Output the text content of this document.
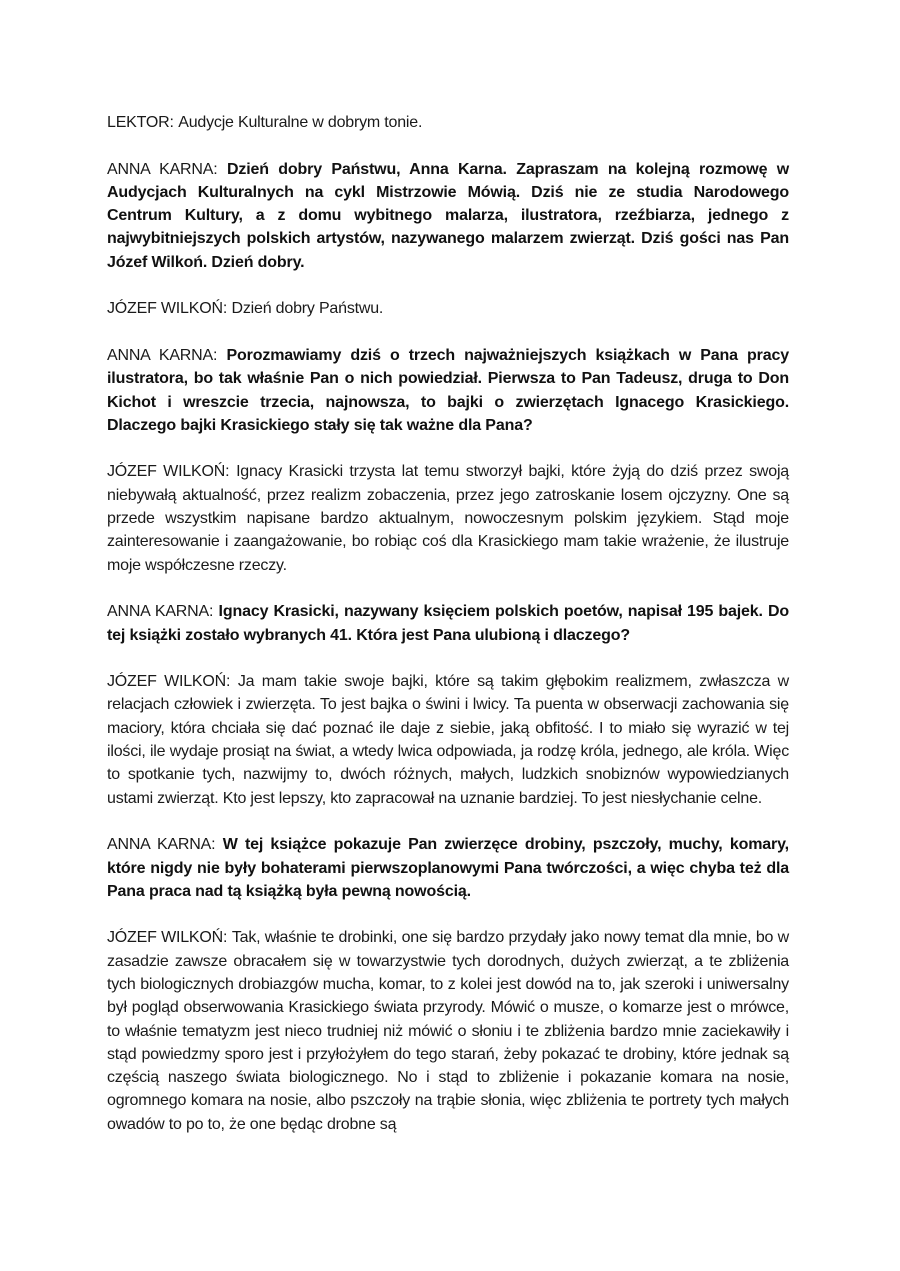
LEKTOR: Audycje Kulturalne w dobrym tonie.

ANNA KARNA: Dzień dobry Państwu, Anna Karna. Zapraszam na kolejną rozmowę w Audycjach Kulturalnych na cykl Mistrzowie Mówią. Dziś nie ze studia Narodowego Centrum Kultury, a z domu wybitnego malarza, ilustratora, rzeźbiarza, jednego z najwybitniejszych polskich artystów, nazywanego malarzem zwierząt. Dziś gości nas Pan Józef Wilkoń. Dzień dobry.

JÓZEF WILKOŃ: Dzień dobry Państwu.

ANNA KARNA: Porozmawiamy dziś o trzech najważniejszych książkach w Pana pracy ilustratora, bo tak właśnie Pan o nich powiedział. Pierwsza to Pan Tadeusz, druga to Don Kichot i wreszcie trzecia, najnowsza, to bajki o zwierzętach Ignacego Krasickiego. Dlaczego bajki Krasickiego stały się tak ważne dla Pana?

JÓZEF WILKOŃ: Ignacy Krasicki trzysta lat temu stworzył bajki, które żyją do dziś przez swoją niebywałą aktualność, przez realizm zobaczenia, przez jego zatroskanie losem ojczyzny. One są przede wszystkim napisane bardzo aktualnym, nowoczesnym polskim językiem. Stąd moje zainteresowanie i zaangażowanie, bo robiąc coś dla Krasickiego mam takie wrażenie, że ilustruje moje współczesne rzeczy.

ANNA KARNA: Ignacy Krasicki, nazywany księciem polskich poetów, napisał 195 bajek. Do tej książki zostało wybranych 41. Która jest Pana ulubioną i dlaczego?

JÓZEF WILKOŃ: Ja mam takie swoje bajki, które są takim głębokim realizmem, zwłaszcza w relacjach człowiek i zwierzęta. To jest bajka o świni i lwicy. Ta puenta w obserwacji zachowania się maciory, która chciała się dać poznać ile daje z siebie, jaką obfitość. I to miało się wyrazić w tej ilości, ile wydaje prosiąt na świat, a wtedy lwica odpowiada, ja rodzę króla, jednego, ale króla. Więc to spotkanie tych, nazwijmy to, dwóch różnych, małych, ludzkich snobiznów wypowiedzianych ustami zwierząt. Kto jest lepszy, kto zapracował na uznanie bardziej. To jest niesłychanie celne.

ANNA KARNA: W tej książce pokazuje Pan zwierzęce drobiny, pszczoły, muchy, komary, które nigdy nie były bohaterami pierwszoplanowymi Pana twórczości, a więc chyba też dla Pana praca nad tą książką była pewną nowością.

JÓZEF WILKOŃ: Tak, właśnie te drobinki, one się bardzo przydały jako nowy temat dla mnie, bo w zasadzie zawsze obracałem się w towarzystwie tych dorodnych, dużych zwierząt, a te zbliżenia tych biologicznych drobiazgów mucha, komar, to z kolei jest dowód na to, jak szeroki i uniwersalny był pogląd obserwowania Krasickiego świata przyrody. Mówić o musze, o komarze jest o mrówce, to właśnie tematyzm jest nieco trudniej niż mówić o słoniu i te zbliżenia bardzo mnie zaciekawiły i stąd powiedzmy sporo jest i przyłożyłem do tego starań, żeby pokazać te drobiny, które jednak są częścią naszego świata biologicznego. No i stąd to zbliżenie i pokazanie komara na nosie, ogromnego komara na nosie, albo pszczoły na trąbie słonia, więc zbliżenia te portrety tych małych owadów to po to, że one będąc drobne są
